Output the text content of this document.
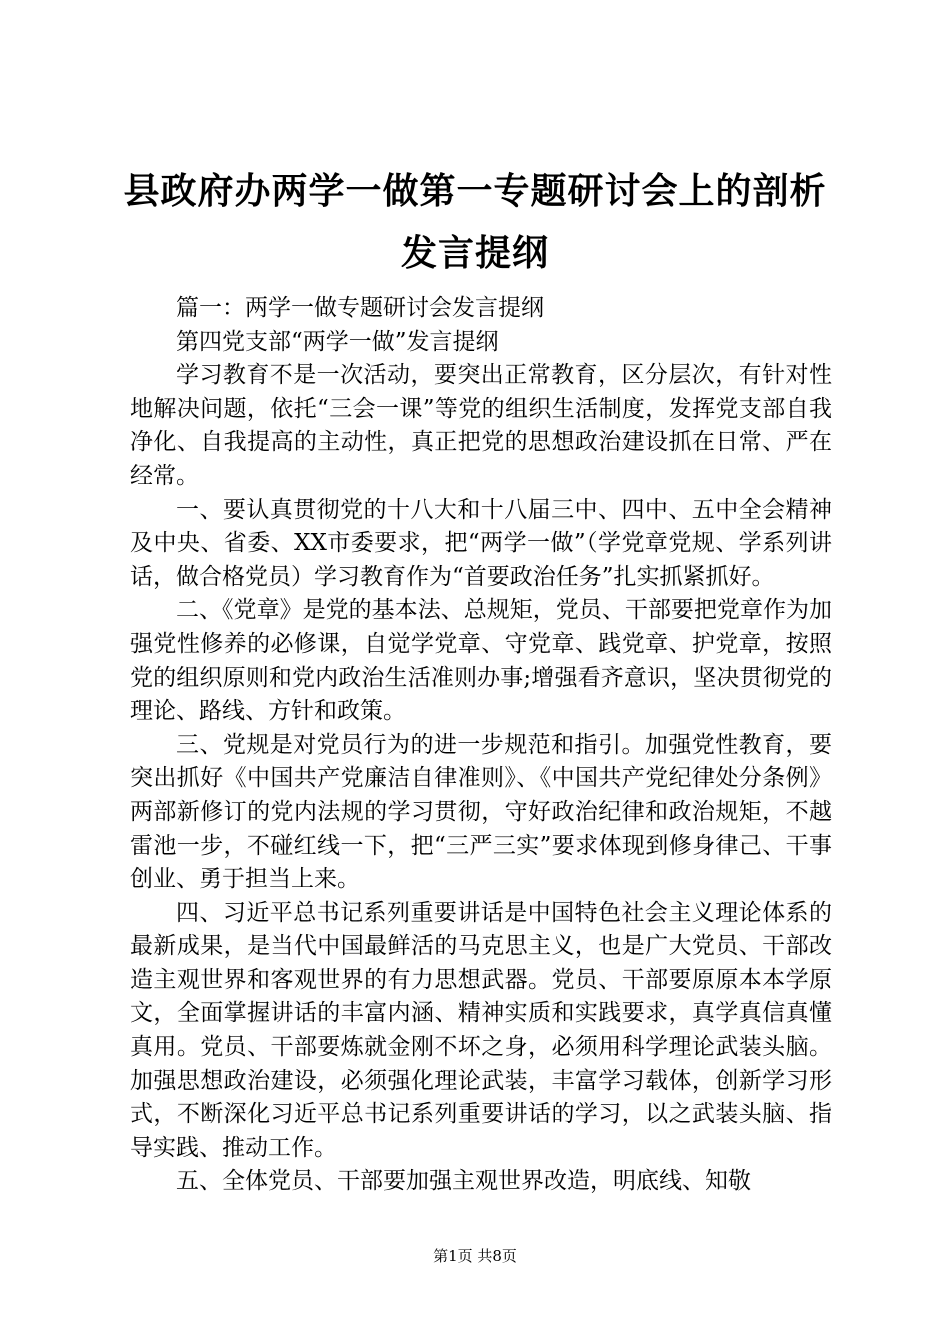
县政府办两学一做第一专题研讨会上的剖析发言提纲

篇一：两学一做专题研讨会发言提纲

第四党支部“两学一做”发言提纲

学习教育不是一次活动，要突出正常教育，区分层次，有针对性地解决问题，依托“三会一课”等党的组织生活制度，发挥党支部自我净化、自我提高的主动性，真正把党的思想政治建设抓在日常、严在经常。

一、要认真贯彻党的十八大和十八届三中、四中、五中全会精神及中央、省委、XX市委要求，把“两学一做”（学党章党规、学系列讲话，做合格党员）学习教育作为“首要政治任务”扎实抓紧抓好。

二、《党章》是党的基本法、总规矩，党员、干部要把党章作为加强党性修养的必修课，自觉学党章、守党章、践党章、护党章，按照党的组织原则和党内政治生活准则办事;增强看齐意识，坚决贯彻党的理论、路线、方针和政策。

三、党规是对党员行为的进一步规范和指引。加强党性教育，要突出抓好《中国共产党廉洁自律准则》、《中国共产党纪律处分条例》两部新修订的党内法规的学习贯彻，守好政治纪律和政治规矩，不越雷池一步，不碰红线一下，把“三严三实”要求体现到修身律己、干事创业、勇于担当上来。

四、习近平总书记系列重要讲话是中国特色社会主义理论体系的最新成果，是当代中国最鲜活的马克思主义，也是广大党员、干部改造主观世界和客观世界的有力思想武器。党员、干部要原原本本学原文，全面掌握讲话的丰富内涵、精神实质和实践要求，真学真信真懂真用。党员、干部要炼就金刚不坏之身，必须用科学理论武装头脑。加强思想政治建设，必须强化理论武装，丰富学习载体，创新学习形式，不断深化习近平总书记系列重要讲话的学习，以之武装头脑、指导实践、推动工作。

五、全体党员、干部要加强主观世界改造，明底线、知敬

第1页 共8页
